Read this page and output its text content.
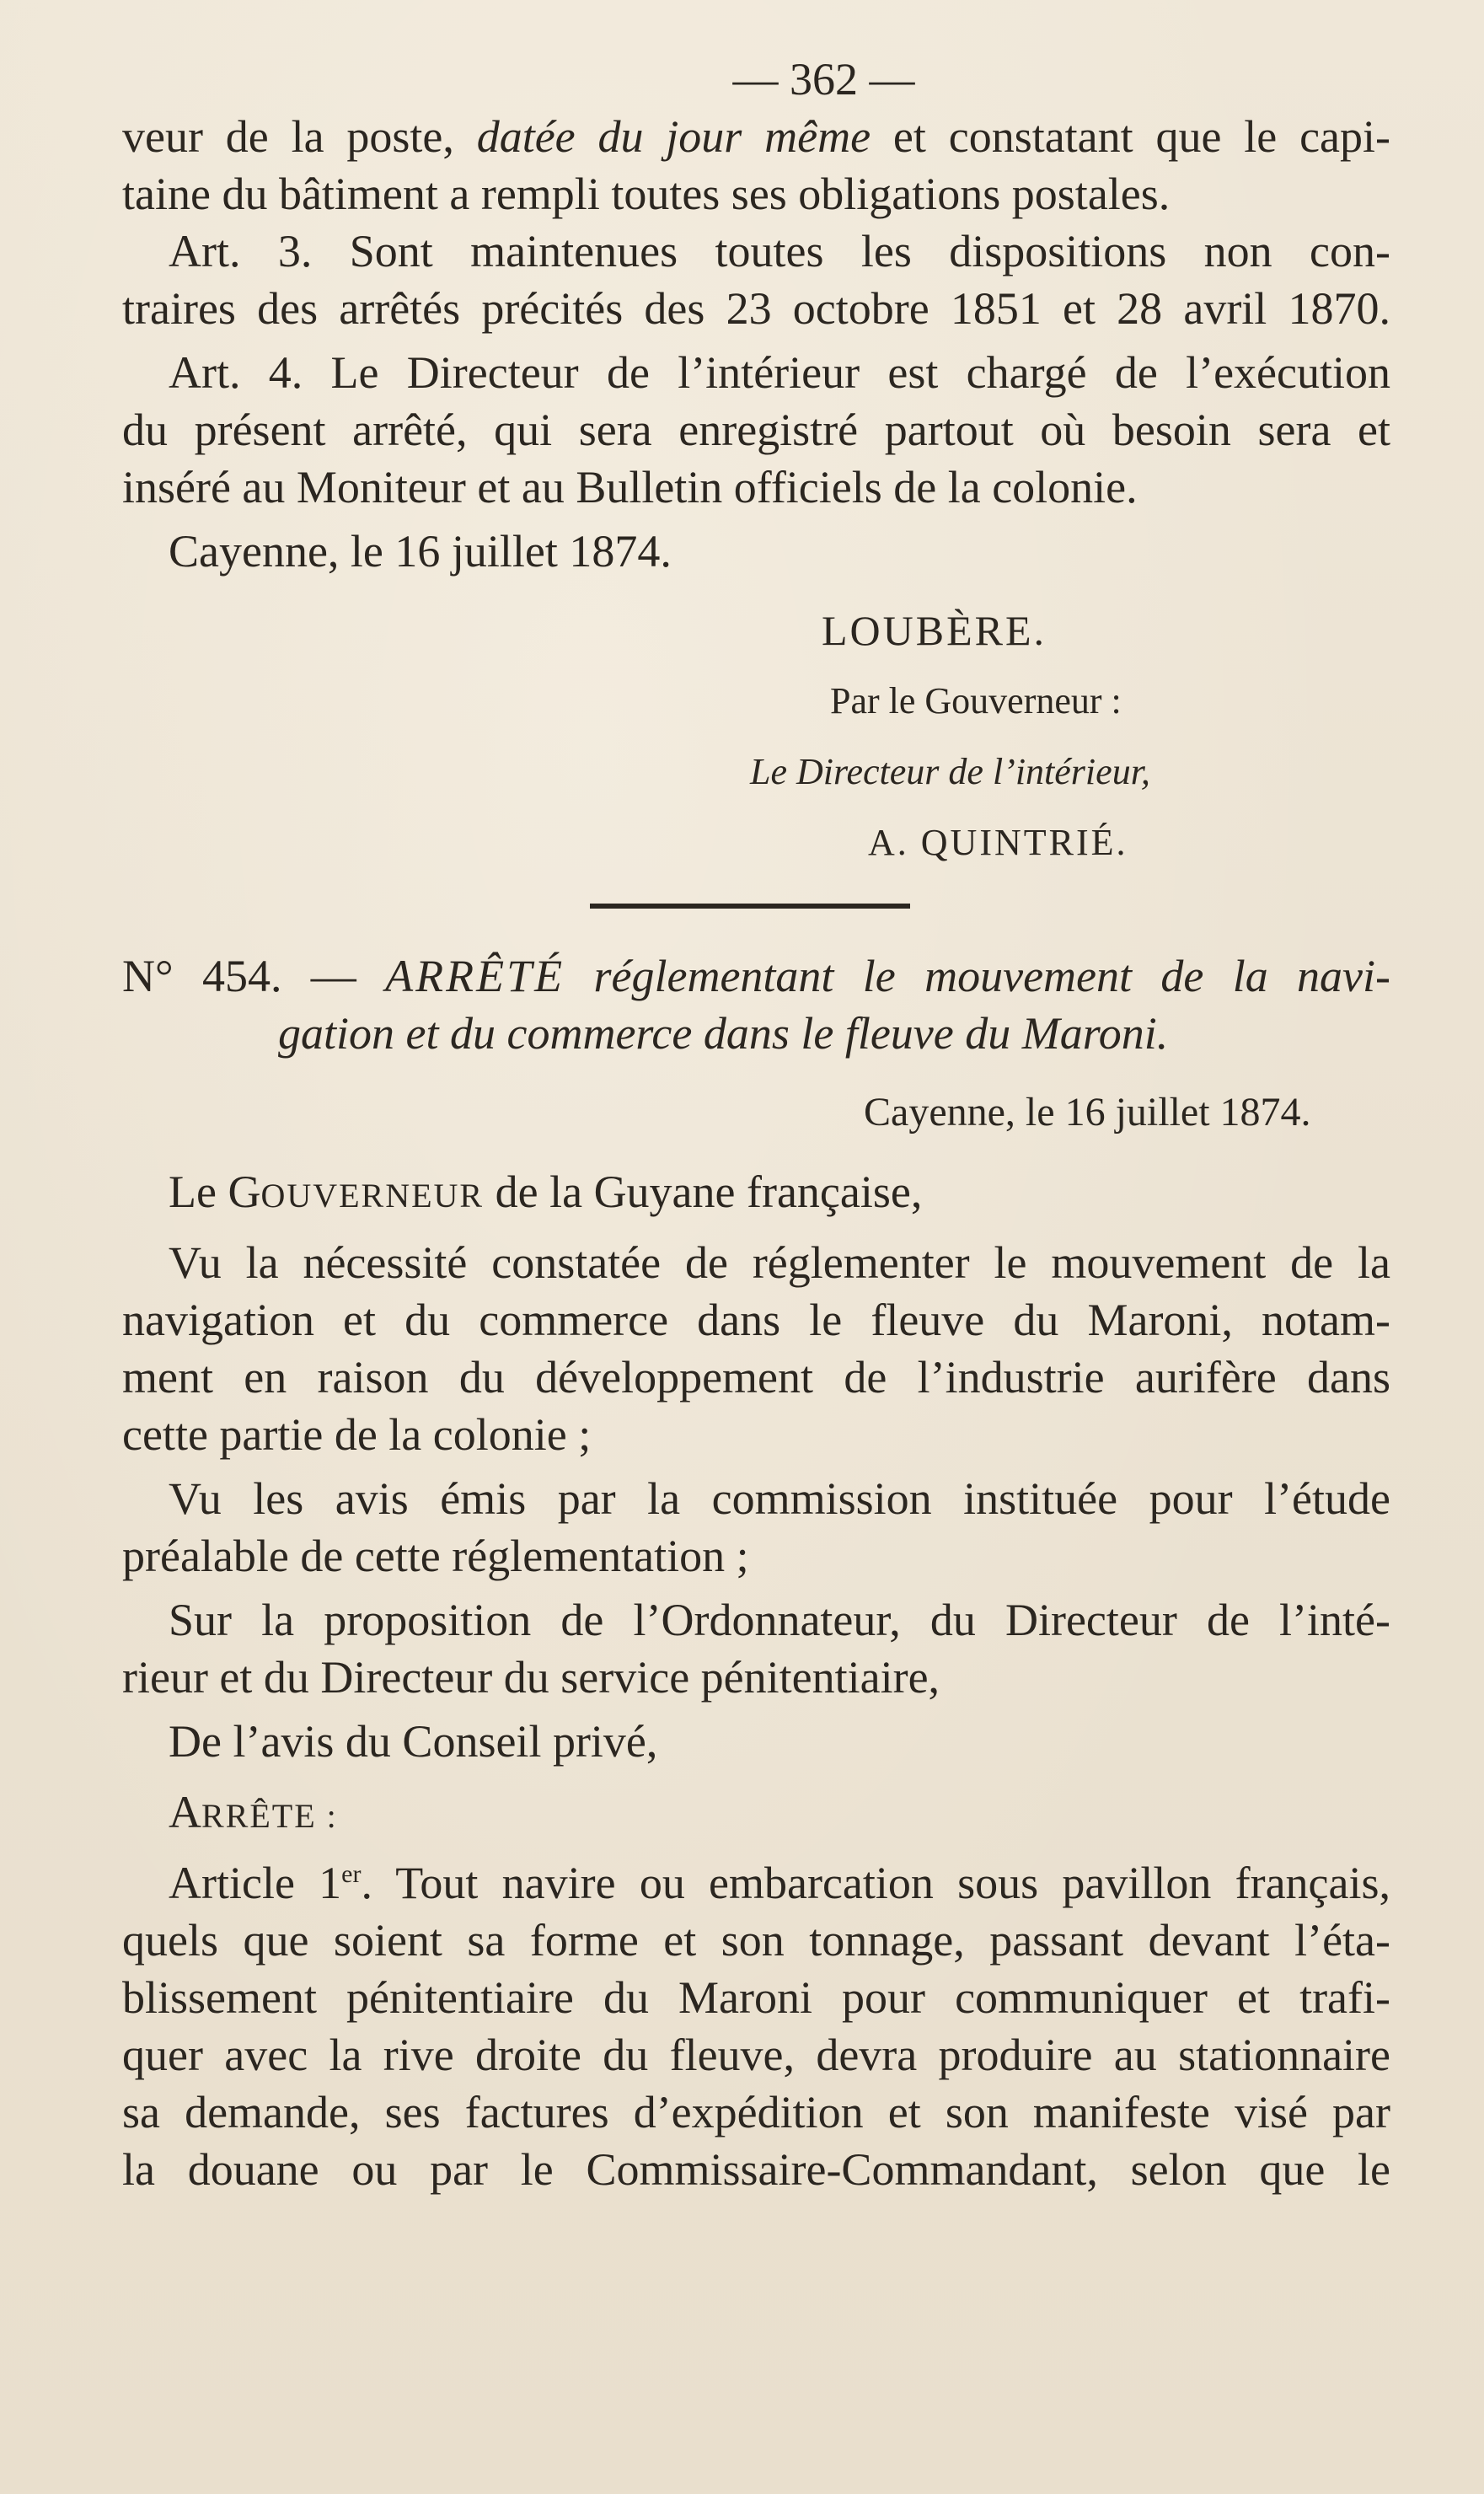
— 362 —
veur de la poste, datée du jour même et constatant que le capi-
taine du bâtiment a rempli toutes ses obligations postales.
Art. 3. Sont maintenues toutes les dispositions non con-
traires des arrêtés précités des 23 octobre 1851 et 28 avril 1870.
Art. 4. Le Directeur de l’intérieur est chargé de l’exécution
du présent arrêté, qui sera enregistré partout où besoin sera et
inséré au Moniteur et au Bulletin officiels de la colonie.
Cayenne, le 16 juillet 1874.
LOUBÈRE.
Par le Gouverneur :
Le Directeur de l’intérieur,
A. QUINTRIÉ.
N° 454. — ARRÊTÉ réglementant le mouvement de la navi-
gation et du commerce dans le fleuve du Maroni.
Cayenne, le 16 juillet 1874.
Le GOUVERNEUR de la Guyane française,
Vu la nécessité constatée de réglementer le mouvement de la
navigation et du commerce dans le fleuve du Maroni, notam-
ment en raison du développement de l’industrie aurifère dans
cette partie de la colonie ;
Vu les avis émis par la commission instituée pour l’étude
préalable de cette réglementation ;
Sur la proposition de l’Ordonnateur, du Directeur de l’inté-
rieur et du Directeur du service pénitentiaire,
De l’avis du Conseil privé,
ARRÊTE :
Article 1er. Tout navire ou embarcation sous pavillon français,
quels que soient sa forme et son tonnage, passant devant l’éta-
blissement pénitentiaire du Maroni pour communiquer et trafi-
quer avec la rive droite du fleuve, devra produire au stationnaire
sa demande, ses factures d’expédition et son manifeste visé par
la douane ou par le Commissaire-Commandant, selon que le
